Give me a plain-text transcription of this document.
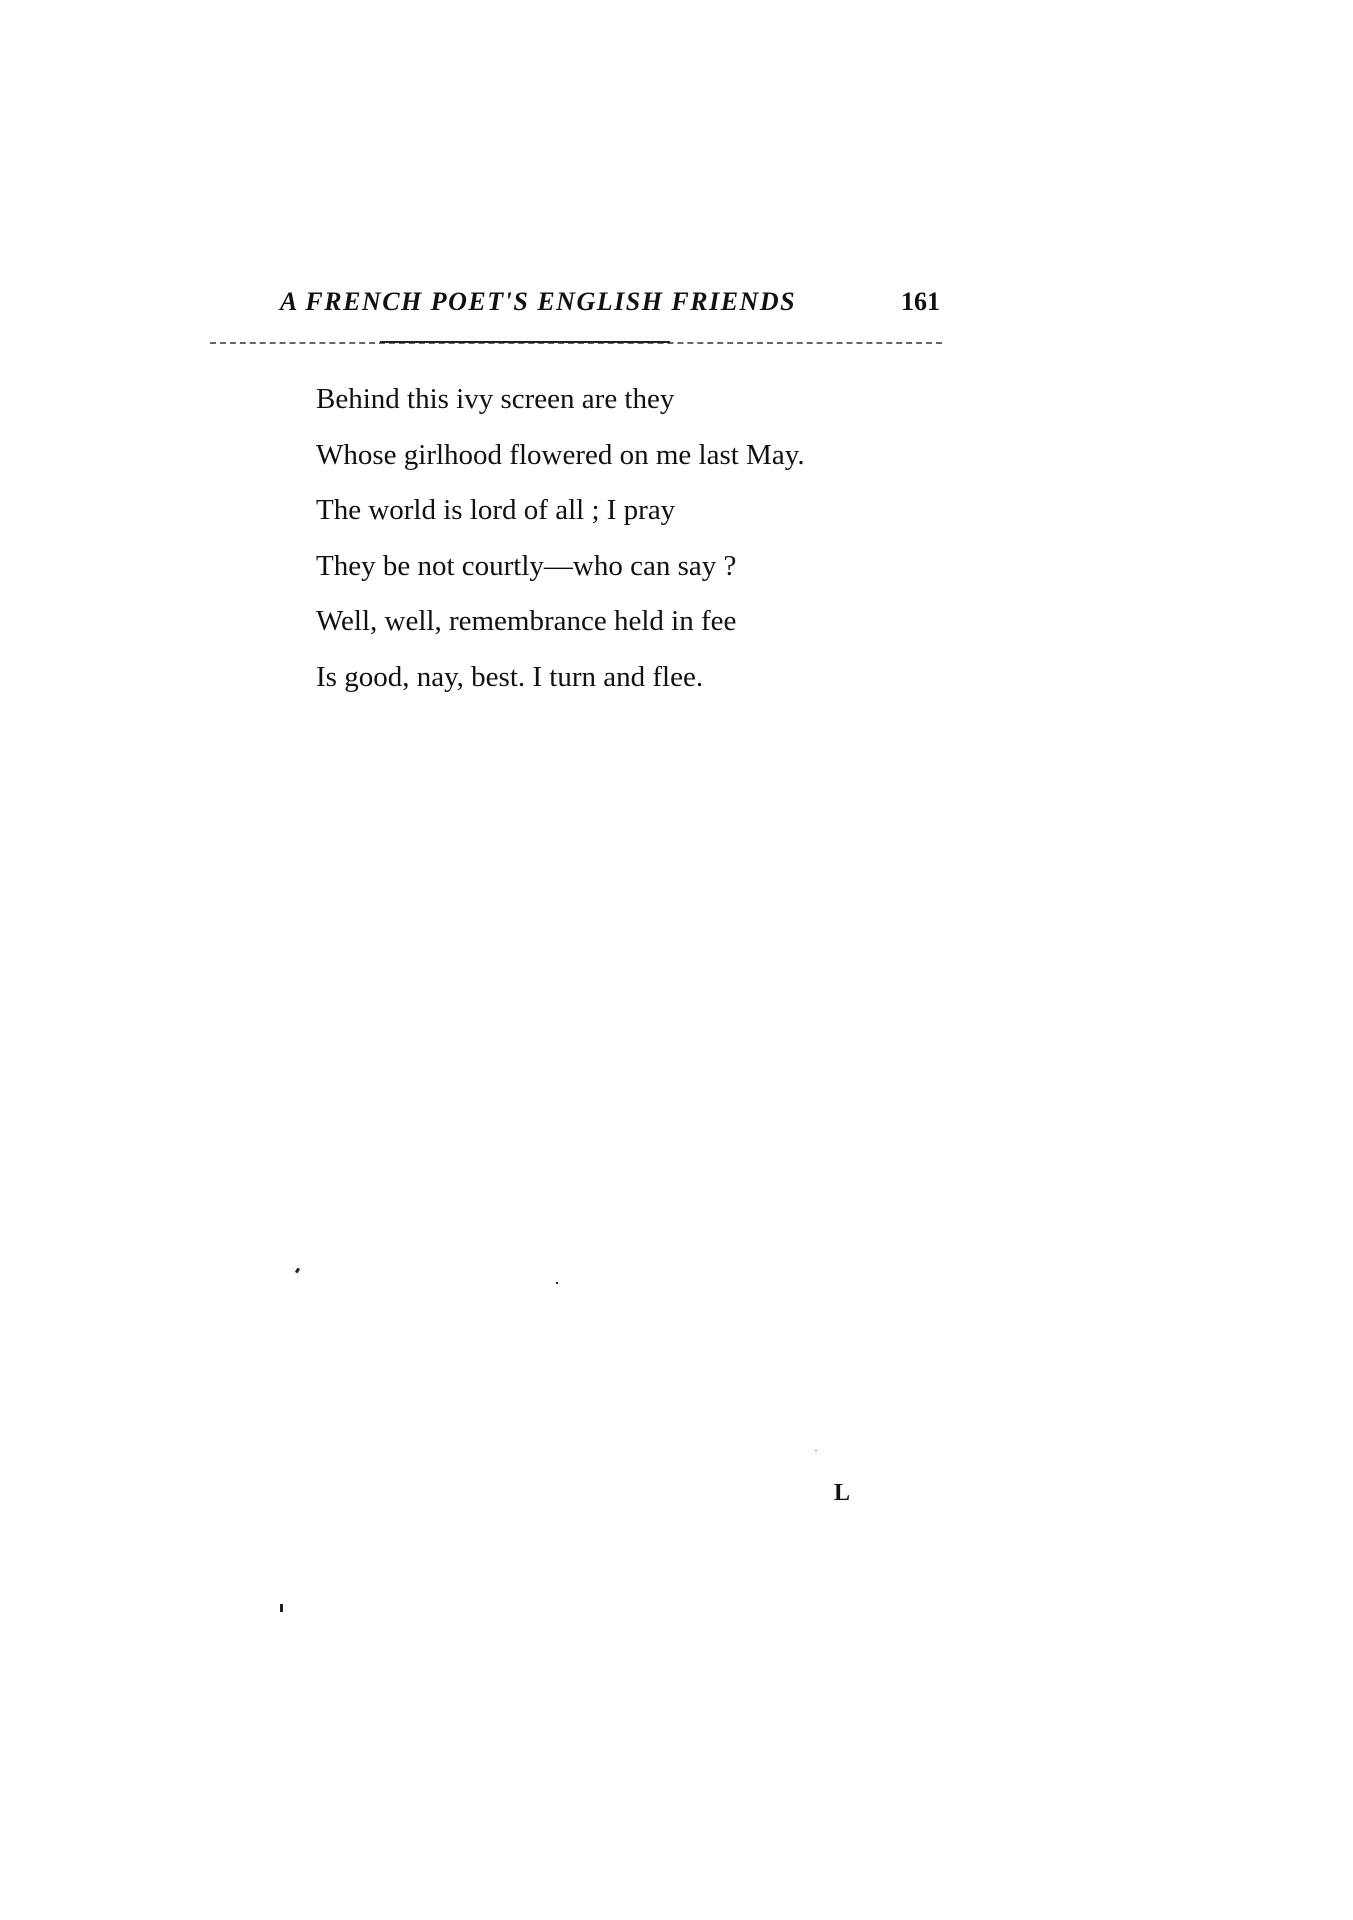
A FRENCH POET'S ENGLISH FRIENDS	161
Behind this ivy screen are they
Whose girlhood flowered on me last May.
The world is lord of all ; I pray
They be not courtly—who can say ?
Well, well, remembrance held in fee
Is good, nay, best. I turn and flee.
L
